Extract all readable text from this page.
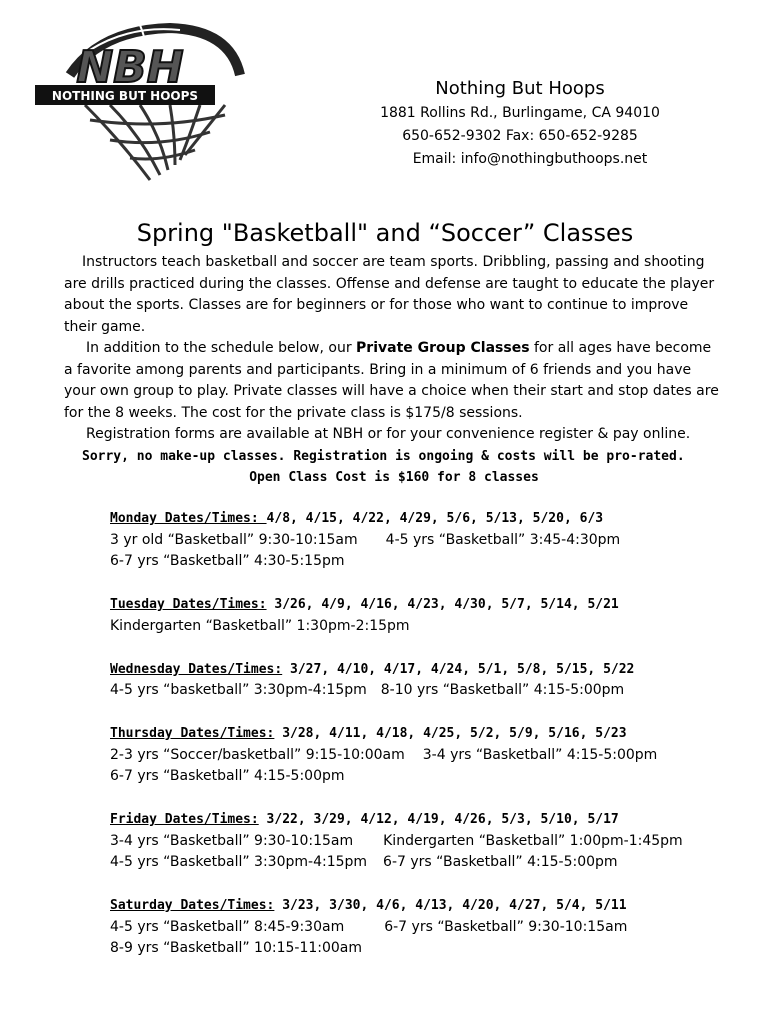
NBH
NOTHING BUT HOOPS	Nothing But Hoops
1881 Rollins Rd., Burlingame, CA 94010
650-652-9302 Fax: 650-652-9285
Email: info@nothingbuthoops.net
Spring "Basketball" and “Soccer” Classes

Instructors teach basketball and soccer are team sports. Dribbling, passing and shooting are drills practiced during the classes. Offense and defense are taught to educate the player about the sports. Classes are for beginners or for those who want to continue to improve their game.

In addition to the schedule below, our Private Group Classes for all ages have become a favorite among parents and participants. Bring in a minimum of 6 friends and you have your own group to play. Private classes will have a choice when their start and stop dates are for the 8 weeks. The cost for the private class is $175/8 sessions.

Registration forms are available at NBH or for your convenience register & pay online.

Sorry, no make-up classes. Registration is ongoing & costs will be pro-rated.

Open Class Cost is $160 for 8 classes

Monday Dates/Times: 4/8, 4/15, 4/22, 4/29, 5/6, 5/13, 5/20, 6/3
3 yr old “Basketball” 9:30-10:15am 4-5 yrs “Basketball” 3:45-4:30pm
6-7 yrs “Basketball” 4:30-5:15pm
Tuesday Dates/Times: 3/26, 4/9, 4/16, 4/23, 4/30, 5/7, 5/14, 5/21
Kindergarten “Basketball” 1:30pm-2:15pm
Wednesday Dates/Times: 3/27, 4/10, 4/17, 4/24, 5/1, 5/8, 5/15, 5/22
4-5 yrs “basketball” 3:30pm-4:15pm 8-10 yrs “Basketball” 4:15-5:00pm
Thursday Dates/Times: 3/28, 4/11, 4/18, 4/25, 5/2, 5/9, 5/16, 5/23
2-3 yrs “Soccer/basketball” 9:15-10:00am 3-4 yrs “Basketball” 4:15-5:00pm
6-7 yrs “Basketball” 4:15-5:00pm
Friday Dates/Times: 3/22, 3/29, 4/12, 4/19, 4/26, 5/3, 5/10, 5/17
3-4 yrs “Basketball” 9:30-10:15am Kindergarten “Basketball” 1:00pm-1:45pm
4-5 yrs “Basketball” 3:30pm-4:15pm 6-7 yrs “Basketball” 4:15-5:00pm
Saturday Dates/Times: 3/23, 3/30, 4/6, 4/13, 4/20, 4/27, 5/4, 5/11
4-5 yrs “Basketball” 8:45-9:30am	6-7 yrs “Basketball” 9:30-10:15am
8-9 yrs “Basketball” 10:15-11:00am
